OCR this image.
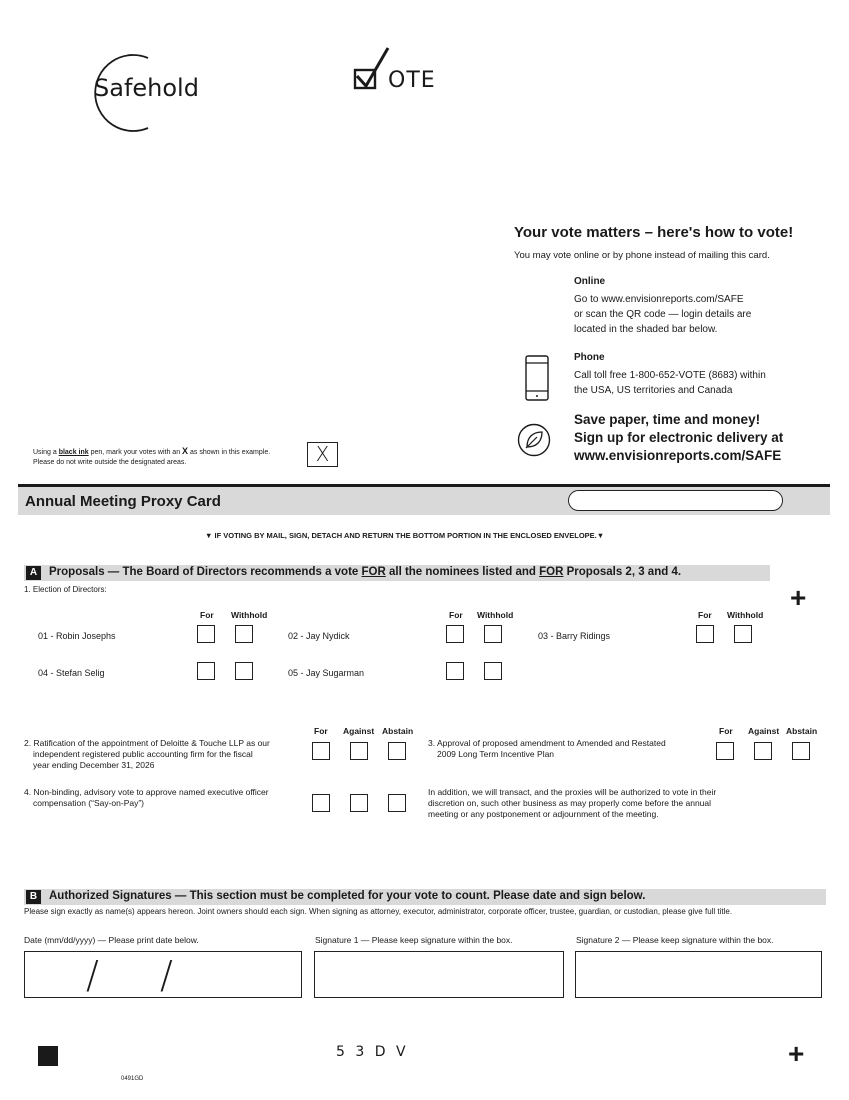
Safehold	OTE
Your vote matters – here's how to vote!
You may vote online or by phone instead of mailing this card.
Online
Go to www.envisionreports.com/SAFE
or scan the QR code — login details are
located in the shaded bar below.
Phone
Call toll free 1-800-652-VOTE (8683) within
the USA, US territories and Canada
Save paper, time and money!
Sign up for electronic delivery at
www.envisionreports.com/SAFE
Using a black ink pen, mark your votes with an X as shown in this example.
Please do not write outside the designated areas.	X
Annual Meeting Proxy Card
▼ IF VOTING BY MAIL, SIGN, DETACH AND RETURN THE BOTTOM PORTION IN THE ENCLOSED ENVELOPE.▼
A	Proposals — The Board of Directors recommends a vote FOR all the nominees listed and FOR Proposals 2, 3 and 4.
+
1. Election of Directors:
For Withhold	For Withhold	For Withhold
01 - Robin Josephs	02 - Jay Nydick	03 - Barry Ridings
04 - Stefan Selig	05 - Jay Sugarman
For Against Abstain	For Against Abstain
2. Ratification of the appointment of Deloitte & Touche LLP as our
independent registered public accounting firm for the fiscal
year ending December 31, 2026
3. Approval of proposed amendment to Amended and Restated
2009 Long Term Incentive Plan
4. Non-binding, advisory vote to approve named executive officer
compensation (“Say-on-Pay”)
In addition, we will transact, and the proxies will be authorized to vote in their
discretion on, such other business as may properly come before the annual
meeting or any postponement or adjournment of the meeting.
B	Authorized Signatures — This section must be completed for your vote to count. Please date and sign below.
Please sign exactly as name(s) appears hereon. Joint owners should each sign. When signing as attorney, executor, administrator, corporate officer, trustee, guardian, or custodian, please give full title.
Date (mm/dd/yyyy) — Please print date below.	Signature 1 — Please keep signature within the box.	Signature 2 — Please keep signature within the box.
/ /
5 3 D V	+
0491GD
